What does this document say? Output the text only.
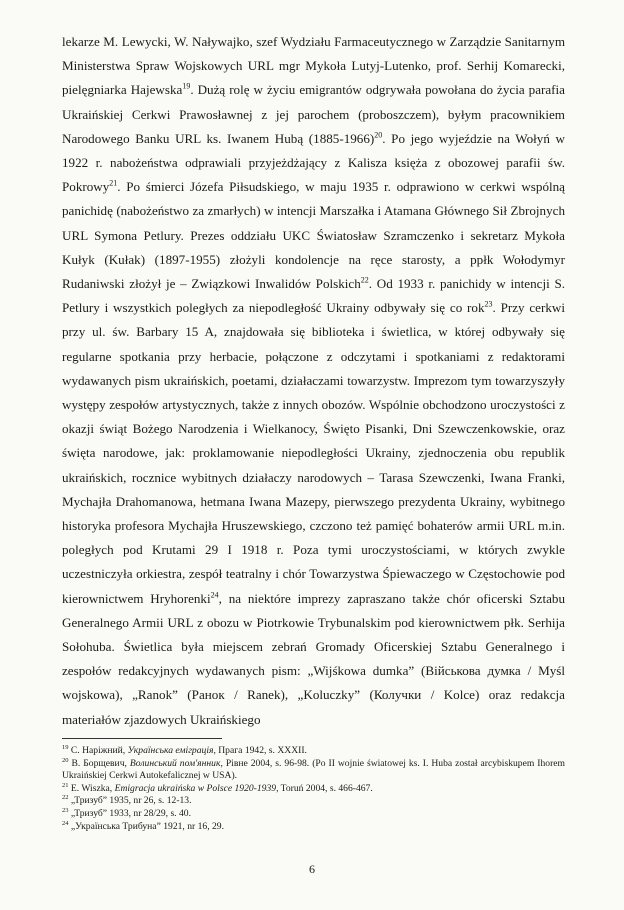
lekarze M. Lewycki, W. Naływajko, szef Wydziału Farmaceutycznego w Zarządzie Sanitarnym Ministerstwa Spraw Wojskowych URL mgr Mykoła Lutyj-Lutenko, prof. Serhij Komarecki, pielęgniarka Hajewska$^{19}$. Dużą rolę w życiu emigrantów odgrywała powołana do życia parafia Ukraińskiej Cerkwi Prawosławnej z jej parochem (proboszczem), byłym pracownikiem Narodowego Banku URL ks. Iwanem Hubą (1885-1966)$^{20}$. Po jego wyjeździe na Wołyń w 1922 r. nabożeństwa odprawiali przyjeżdżający z Kalisza księża z obozowej parafii św. Pokrowy$^{21}$. Po śmierci Józefa Piłsudskiego, w maju 1935 r. odprawiono w cerkwi wspólną panichidę (nabożeństwo za zmarłych) w intencji Marszałka i Atamana Głównego Sił Zbrojnych URL Symona Petlury. Prezes oddziału UKC Światosław Szramczenko i sekretarz Mykoła Kułyk (Kułak) (1897-1955) złożyli kondolencje na ręce starosty, a ppłk Wołodymyr Rudaniwski złożył je – Związkowi Inwalidów Polskich$^{22}$. Od 1933 r. panichidy w intencji S. Petlury i wszystkich poległych za niepodległość Ukrainy odbywały się co rok$^{23}$. Przy cerkwi przy ul. św. Barbary 15 A, znajdowała się biblioteka i świetlica, w której odbywały się regularne spotkania przy herbacie, połączone z odczytami i spotkaniami z redaktorami wydawanych pism ukraińskich, poetami, działaczami towarzystw. Imprezom tym towarzyszyły występy zespołów artystycznych, także z innych obozów. Wspólnie obchodzono uroczystości z okazji świąt Bożego Narodzenia i Wielkanocy, Święto Pisanki, Dni Szewczenkowskie, oraz święta narodowe, jak: proklamowanie niepodległości Ukrainy, zjednoczenia obu republik ukraińskich, rocznice wybitnych działaczy narodowych – Tarasa Szewczenki, Iwana Franki, Mychajła Drahomanowa, hetmana Iwana Mazepy, pierwszego prezydenta Ukrainy, wybitnego historyka profesora Mychajła Hruszewskiego, czczono też pamięć bohaterów armii URL m.in. poległych pod Krutami 29 I 1918 r. Poza tymi uroczystościami, w których zwykle uczestniczyła orkiestra, zespół teatralny i chór Towarzystwa Śpiewaczego w Częstochowie pod kierownictwem Hryhorenki$^{24}$, na niektóre imprezy zapraszano także chór oficerski Sztabu Generalnego Armii URL z obozu w Piotrkowie Trybunalskim pod kierownictwem płk. Serhija Sołohuba. Świetlica była miejscem zebrań Gromady Oficerskiej Sztabu Generalnego i zespołów redakcyjnych wydawanych pism: „Wijśkowa dumka” (Військова думка / Myśl wojskowa), „Ranok” (Ранок / Ranek), „Koluczky” (Колучки / Kolce) oraz redakcja materiałów zjazdowych Ukraińskiego

$^{19}$ С. Наріжний, Українська еміграція, Прага 1942, s. XXXII.

$^{20}$ В. Борщевич, Волинський пом'янник, Рівне 2004, s. 96-98. (Po II wojnie światowej ks. I. Huba został arcybiskupem Ihorem Ukraińskiej Cerkwi Autokefalicznej w USA).

$^{21}$ E. Wiszka, Emigracja ukraińska w Polsce 1920-1939, Toruń 2004, s. 466-467.

$^{22}$ „Тризуб” 1935, nr 26, s. 12-13.

$^{23}$ „Тризуб” 1933, nr 28/29, s. 40.

$^{24}$ „Українська Трибуна” 1921, nr 16, 29.

6
